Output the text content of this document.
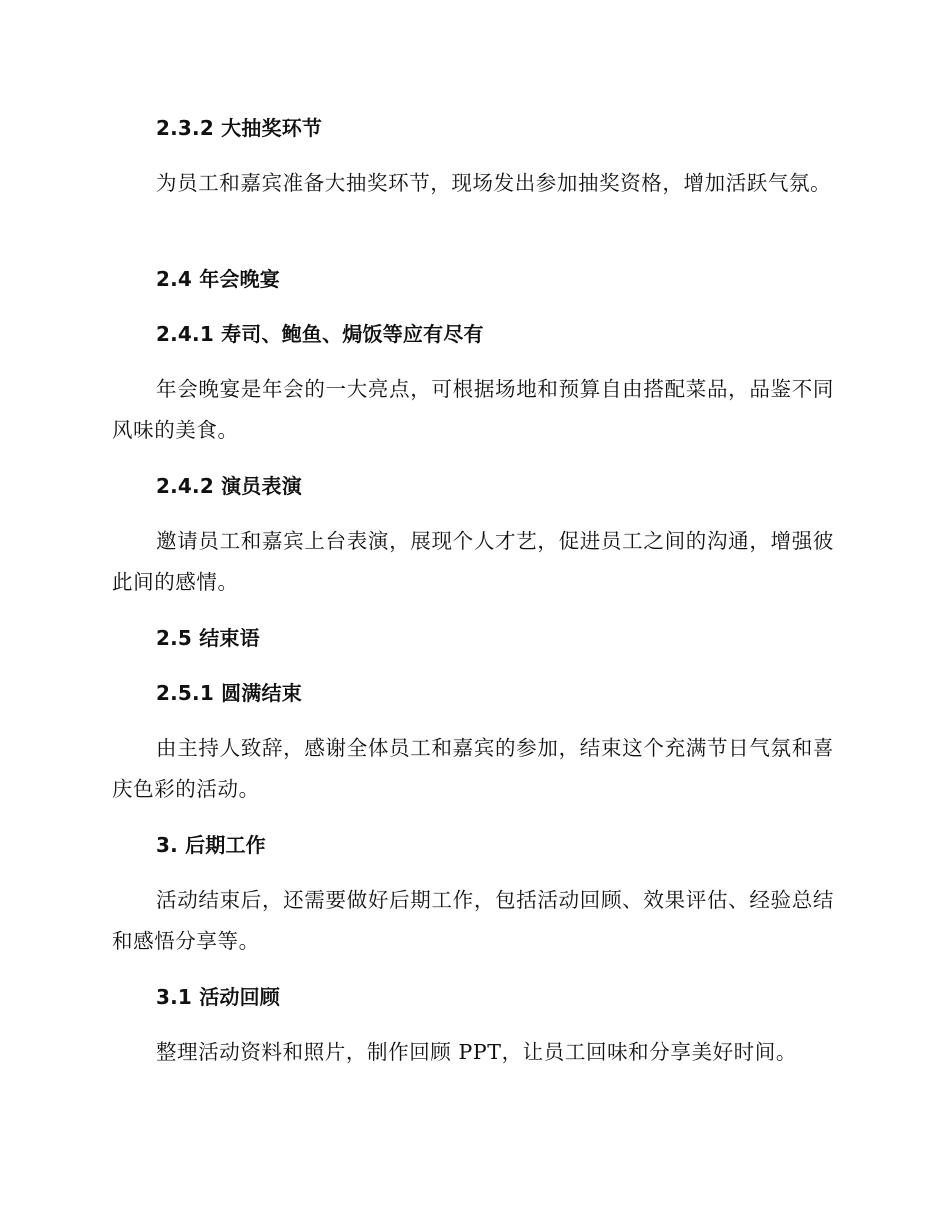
2.3.2 大抽奖环节
为员工和嘉宾准备大抽奖环节，现场发出参加抽奖资格，增加活跃气氛。
2.4 年会晚宴
2.4.1 寿司、鲍鱼、焗饭等应有尽有
年会晚宴是年会的一大亮点，可根据场地和预算自由搭配菜品，品鉴不同风味的美食。
2.4.2 演员表演
邀请员工和嘉宾上台表演，展现个人才艺，促进员工之间的沟通，增强彼此间的感情。
2.5 结束语
2.5.1 圆满结束
由主持人致辞，感谢全体员工和嘉宾的参加，结束这个充满节日气氛和喜庆色彩的活动。
3. 后期工作
活动结束后，还需要做好后期工作，包括活动回顾、效果评估、经验总结和感悟分享等。
3.1 活动回顾
整理活动资料和照片，制作回顾 PPT，让员工回味和分享美好时间。
